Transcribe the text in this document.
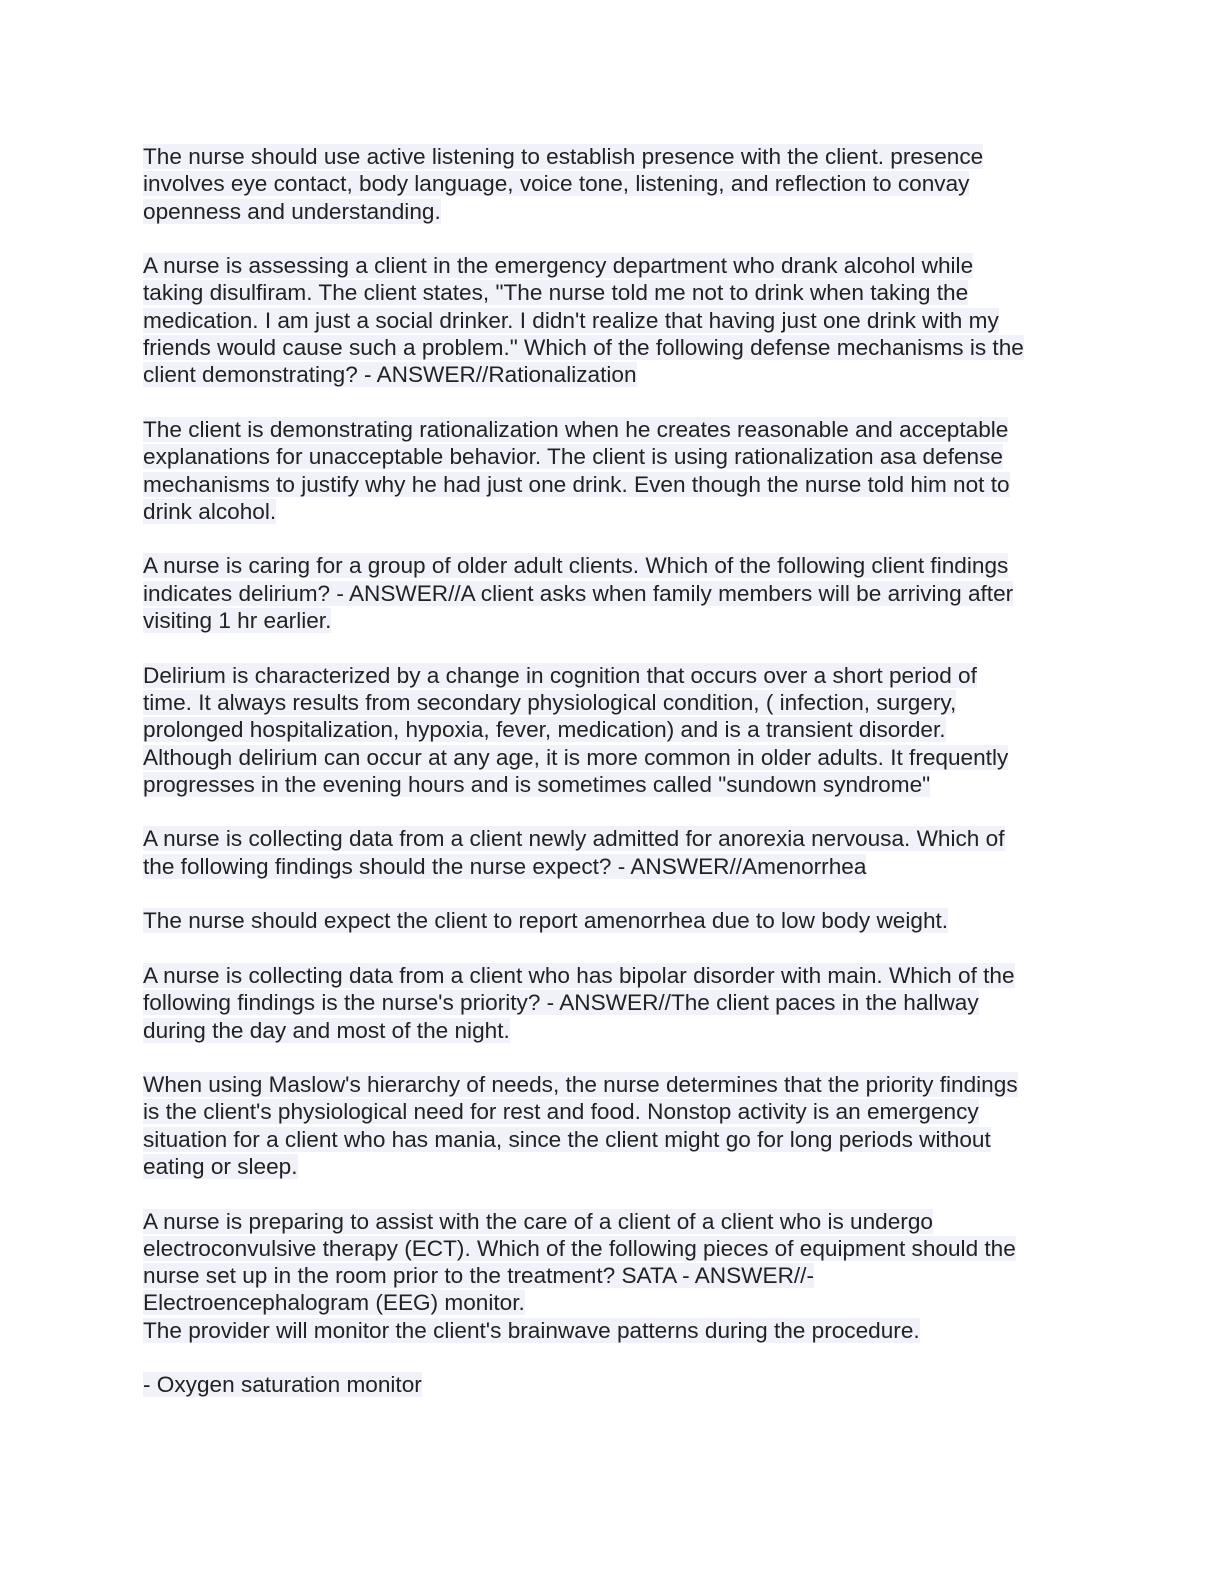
The nurse should use active listening to establish presence with the client. presence
involves eye contact, body language, voice tone, listening, and reflection to convay
openness and understanding.

A nurse is assessing a client in the emergency department who drank alcohol while
taking disulfiram. The client states, "The nurse told me not to drink when taking the
medication. I am just a social drinker. I didn't realize that having just one drink with my
friends would cause such a problem." Which of the following defense mechanisms is the
client demonstrating? - ANSWER//Rationalization

The client is demonstrating rationalization when he creates reasonable and acceptable
explanations for unacceptable behavior. The client is using rationalization asa defense
mechanisms to justify why he had just one drink. Even though the nurse told him not to
drink alcohol.

A nurse is caring for a group of older adult clients. Which of the following client findings
indicates delirium? - ANSWER//A client asks when family members will be arriving after
visiting 1 hr earlier.

Delirium is characterized by a change in cognition that occurs over a short period of
time. It always results from secondary physiological condition, ( infection, surgery,
prolonged hospitalization, hypoxia, fever, medication) and is a transient disorder.
Although delirium can occur at any age, it is more common in older adults. It frequently
progresses in the evening hours and is sometimes called "sundown syndrome"

A nurse is collecting data from a client newly admitted for anorexia nervousa. Which of
the following findings should the nurse expect? - ANSWER//Amenorrhea

The nurse should expect the client to report amenorrhea due to low body weight.

A nurse is collecting data from a client who has bipolar disorder with main. Which of the
following findings is the nurse's priority? - ANSWER//The client paces in the hallway
during the day and most of the night.

When using Maslow's hierarchy of needs, the nurse determines that the priority findings
is the client's physiological need for rest and food. Nonstop activity is an emergency
situation for a client who has mania, since the client might go for long periods without
eating or sleep.

A nurse is preparing to assist with the care of a client of a client who is undergo
electroconvulsive therapy (ECT). Which of the following pieces of equipment should the
nurse set up in the room prior to the treatment? SATA - ANSWER//-
Electroencephalogram (EEG) monitor.
The provider will monitor the client's brainwave patterns during the procedure.

- Oxygen saturation monitor
